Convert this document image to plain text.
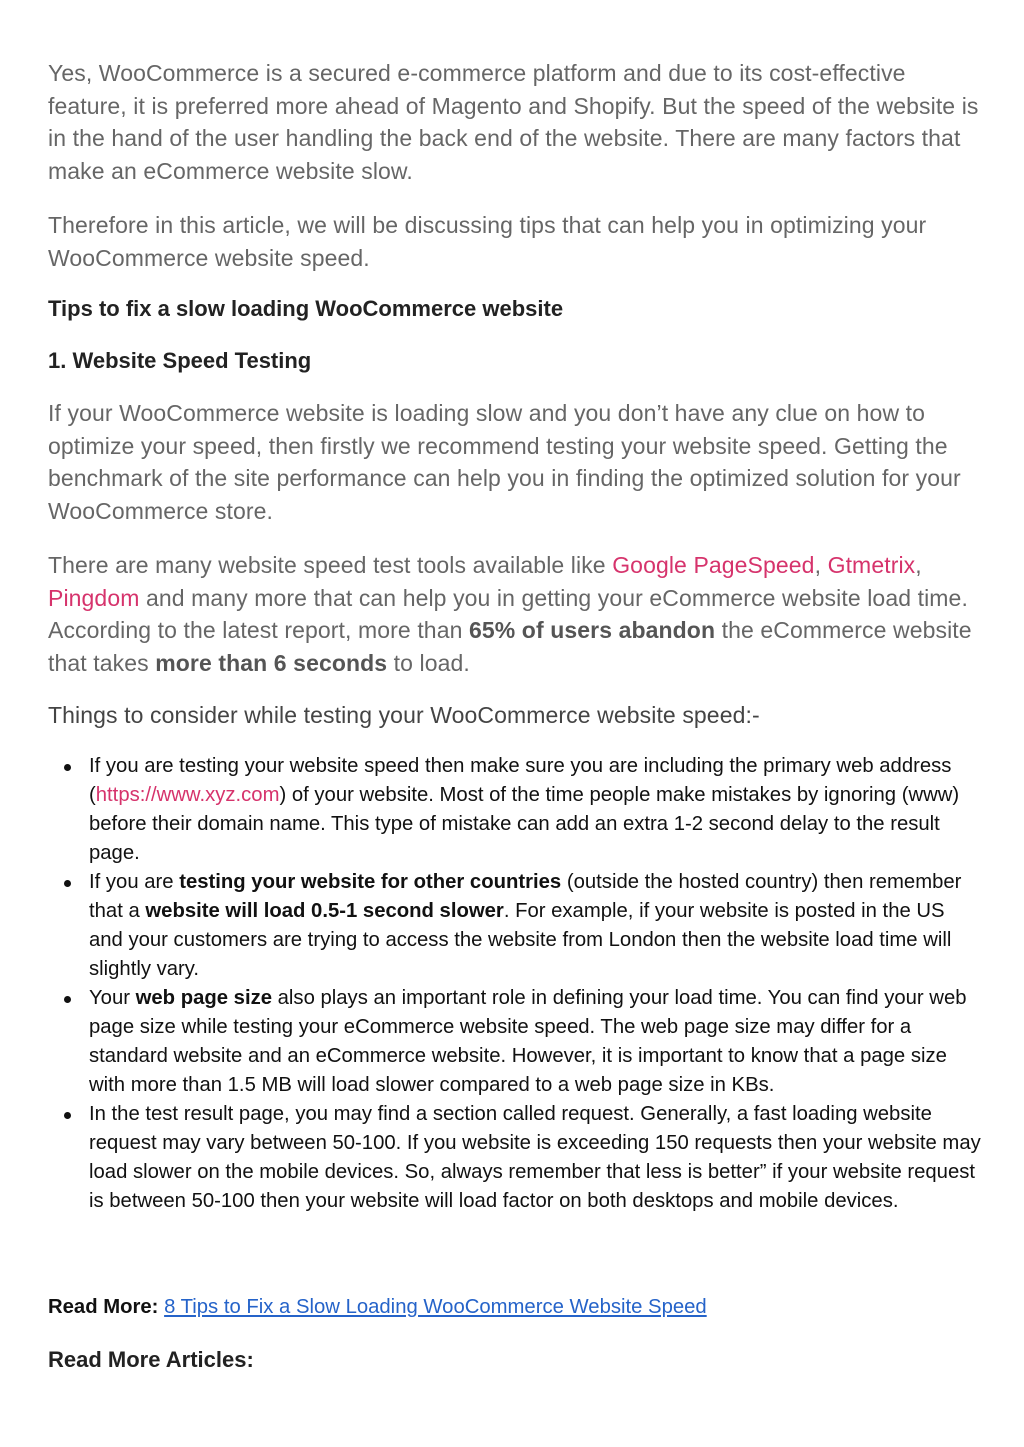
Yes, WooCommerce is a secured e-commerce platform and due to its cost-effective feature, it is preferred more ahead of Magento and Shopify. But the speed of the website is in the hand of the user handling the back end of the website. There are many factors that make an eCommerce website slow.

Therefore in this article, we will be discussing tips that can help you in optimizing your WooCommerce website speed.

Tips to fix a slow loading WooCommerce website
1. Website Speed Testing

If your WooCommerce website is loading slow and you don’t have any clue on how to optimize your speed, then firstly we recommend testing your website speed. Getting the benchmark of the site performance can help you in finding the optimized solution for your WooCommerce store.

There are many website speed test tools available like Google PageSpeed, Gtmetrix, Pingdom and many more that can help you in getting your eCommerce website load time. According to the latest report, more than 65% of users abandon the eCommerce website that takes more than 6 seconds to load.

Things to consider while testing your WooCommerce website speed:-

If you are testing your website speed then make sure you are including the primary web address (https://www.xyz.com) of your website. Most of the time people make mistakes by ignoring (www) before their domain name. This type of mistake can add an extra 1-2 second delay to the result page.
If you are testing your website for other countries (outside the hosted country) then remember that a website will load 0.5-1 second slower. For example, if your website is posted in the US and your customers are trying to access the website from London then the website load time will slightly vary.
Your web page size also plays an important role in defining your load time. You can find your web page size while testing your eCommerce website speed. The web page size may differ for a standard website and an eCommerce website. However, it is important to know that a page size with more than 1.5 MB will load slower compared to a web page size in KBs.
In the test result page, you may find a section called request. Generally, a fast loading website request may vary between 50-100. If you website is exceeding 150 requests then your website may load slower on the mobile devices. So, always remember that less is better” if your website request is between 50-100 then your website will load factor on both desktops and mobile devices.
Read More: 8 Tips to Fix a Slow Loading WooCommerce Website Speed
Read More Articles:
